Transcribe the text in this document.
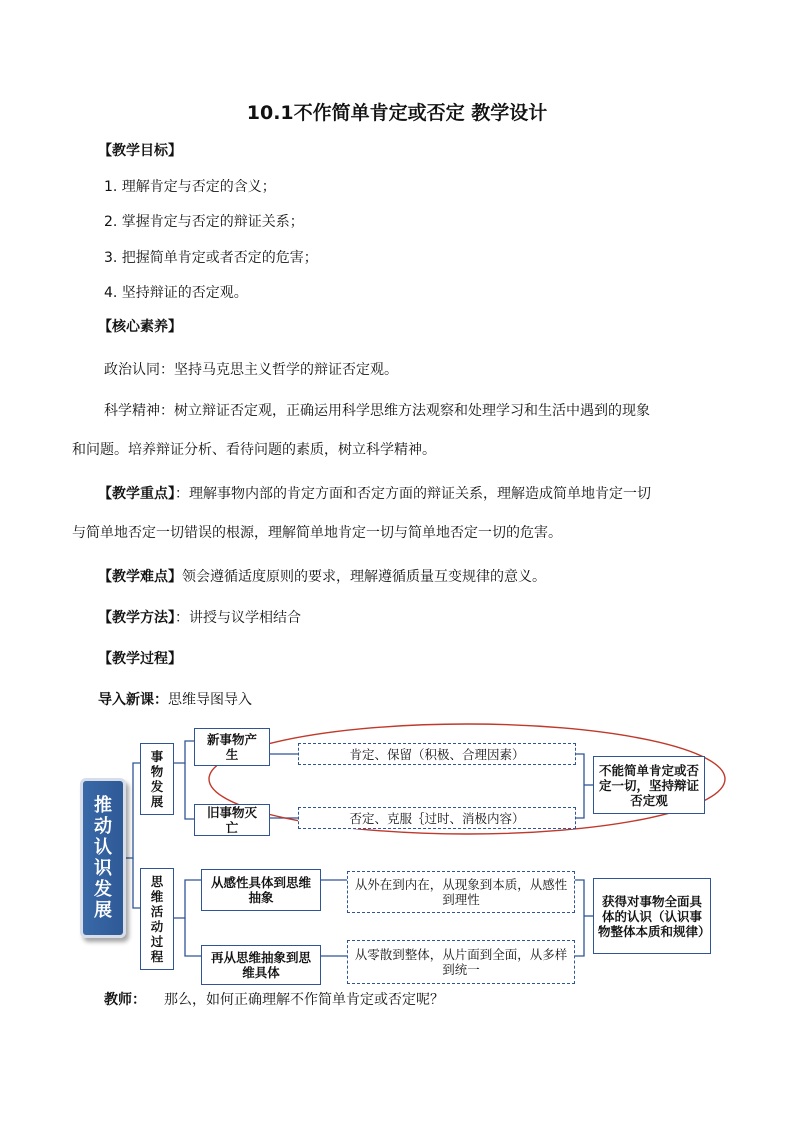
10.1不作简单肯定或否定 教学设计
【教学目标】
1. 理解肯定与否定的含义；
2. 掌握肯定与否定的辩证关系；
3. 把握简单肯定或者否定的危害；
4. 坚持辩证的否定观。
【核心素养】
政治认同：坚持马克思主义哲学的辩证否定观。
科学精神：树立辩证否定观，正确运用科学思维方法观察和处理学习和生活中遇到的现象
和问题。培养辩证分析、看待问题的素质，树立科学精神。
【教学重点】：理解事物内部的肯定方面和否定方面的辩证关系，理解造成简单地肯定一切
与简单地否定一切错误的根源，理解简单地肯定一切与简单地否定一切的危害。
【教学难点】领会遵循适度原则的要求，理解遵循质量互变规律的意义。
【教学方法】：讲授与议学相结合
【教学过程】
导入新课：思维导图导入
推动认识发展
事物发展
思维活动过程
新事物产生
旧事物灭亡
肯定、保留（积极、合理因素）
否定、克服｛过时、消极内容）
不能简单肯定或否定一切，坚持辩证否定观
从感性具体到思维抽象
再从思维抽象到思维具体
从外在到内在，从现象到本质，从感性到理性
从零散到整体，从片面到全面，从多样到统一
获得对事物全面具体的认识（认识事物整体本质和规律）
教师： 那么，如何正确理解不作简单肯定或否定呢？
